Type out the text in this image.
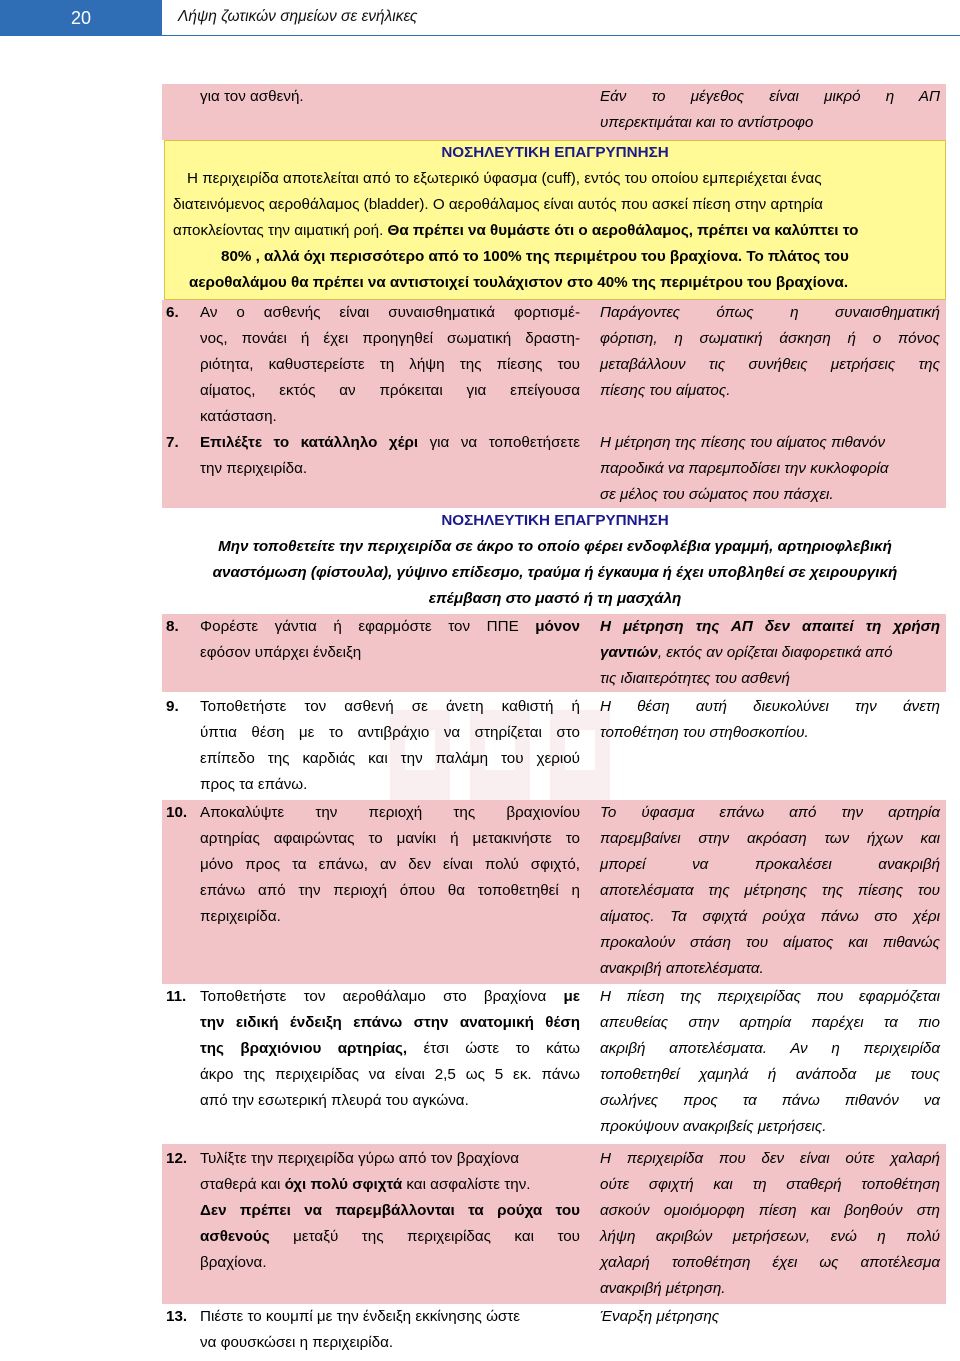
20	Λήψη ζωτικών σημείων σε ενήλικες
για τον ασθενή.	Εάν το μέγεθος είναι μικρό η ΑΠ
υπερεκτιμάται και το αντίστροφο
ΝΟΣΗΛΕΥΤΙΚΗ ΕΠΑΓΡΥΠΝΗΣΗ
Η περιχειρίδα αποτελείται από το εξωτερικό ύφασμα (cuff), εντός του οποίου εμπεριέχεται ένας
διατεινόμενος αεροθάλαμος (bladder). Ο αεροθάλαμος είναι αυτός που ασκεί πίεση στην αρτηρία
αποκλείοντας την αιματική ροή. Θα πρέπει να θυμάστε ότι ο αεροθάλαμος, πρέπει να καλύπτει το
80% , αλλά όχι περισσότερο από το 100% της περιμέτρου του βραχίονα. Το πλάτος του
αεροθαλάμου θα πρέπει να αντιστοιχεί τουλάχιστον στο 40% της περιμέτρου του βραχίονα.
6. Αν ο ασθενής είναι συναισθηματικά φορτισμέ-
νος, πονάει ή έχει προηγηθεί σωματική δραστη-
ριότητα, καθυστερείστε τη λήψη της πίεσης του
αίματος, εκτός αν πρόκειται για επείγουσα
κατάσταση.
Παράγοντες όπως η συναισθηματική
φόρτιση, η σωματική άσκηση ή ο πόνος
μεταβάλλουν τις συνήθεις μετρήσεις της
πίεσης του αίματος.
7. Επιλέξτε το κατάλληλο χέρι για να τοποθετήσετε
την περιχειρίδα.
Η μέτρηση της πίεσης του αίματος πιθανόν
παροδικά να παρεμποδίσει την κυκλοφορία
σε μέλος του σώματος που πάσχει.
ΝΟΣΗΛΕΥΤΙΚΗ ΕΠΑΓΡΥΠΝΗΣΗ
Μην τοποθετείτε την περιχειρίδα σε άκρο το οποίο φέρει ενδοφλέβια γραμμή, αρτηριοφλεβική
αναστόμωση (φίστουλα), γύψινο επίδεσμο, τραύμα ή έγκαυμα ή έχει υποβληθεί σε χειρουργική
επέμβαση στο μαστό ή τη μασχάλη
8. Φορέστε γάντια ή εφαρμόστε τον ΠΠΕ μόνον
εφόσον υπάρχει ένδειξη
Η μέτρηση της ΑΠ δεν απαιτεί τη χρήση
γαντιών, εκτός αν ορίζεται διαφορετικά από
τις ιδιαιτερότητες του ασθενή
9. Τοποθετήστε τον ασθενή σε άνετη καθιστή ή
ύπτια θέση με το αντιβράχιο να στηρίζεται στο
επίπεδο της καρδιάς και την παλάμη του χεριού
προς τα επάνω.
Η θέση αυτή διευκολύνει την άνετη
τοποθέτηση του στηθοσκοπίου.
10. Αποκαλύψτε την περιοχή της βραχιονίου
αρτηρίας αφαιρώντας το μανίκι ή μετακινήστε το
μόνο προς τα επάνω, αν δεν είναι πολύ σφιχτό,
επάνω από την περιοχή όπου θα τοποθετηθεί η
περιχειρίδα.
Το ύφασμα επάνω από την αρτηρία
παρεμβαίνει στην ακρόαση των ήχων και
μπορεί να προκαλέσει ανακριβή
αποτελέσματα της μέτρησης της πίεσης του
αίματος. Τα σφιχτά ρούχα πάνω στο χέρι
προκαλούν στάση του αίματος και πιθανώς
ανακριβή αποτελέσματα.
11. Τοποθετήστε τον αεροθάλαμο στο βραχίονα με
την ειδική ένδειξη επάνω στην ανατομική θέση
της βραχιόνιου αρτηρίας, έτσι ώστε το κάτω
άκρο της περιχειρίδας να είναι 2,5 ως 5 εκ. πάνω
από την εσωτερική πλευρά του αγκώνα.
Η πίεση της περιχειρίδας που εφαρμόζεται
απευθείας στην αρτηρία παρέχει τα πιο
ακριβή αποτελέσματα. Αν η περιχειρίδα
τοποθετηθεί χαμηλά ή ανάποδα με τους
σωλήνες προς τα πάνω πιθανόν να
προκύψουν ανακριβείς μετρήσεις.
12. Τυλίξτε την περιχειρίδα γύρω από τον βραχίονα
σταθερά και όχι πολύ σφιχτά και ασφαλίστε την.
Δεν πρέπει να παρεμβάλλονται τα ρούχα του
ασθενούς μεταξύ της περιχειρίδας και του
βραχίονα.
Η περιχειρίδα που δεν είναι ούτε χαλαρή
ούτε σφιχτή και τη σταθερή τοποθέτηση
ασκούν ομοιόμορφη πίεση και βοηθούν στη
λήψη ακριβών μετρήσεων, ενώ η πολύ
χαλαρή τοποθέτηση έχει ως αποτέλεσμα
ανακριβή μέτρηση.
13. Πιέστε το κουμπί με την ένδειξη εκκίνησης ώστε
να φουσκώσει η περιχειρίδα.
Έναρξη μέτρησης
